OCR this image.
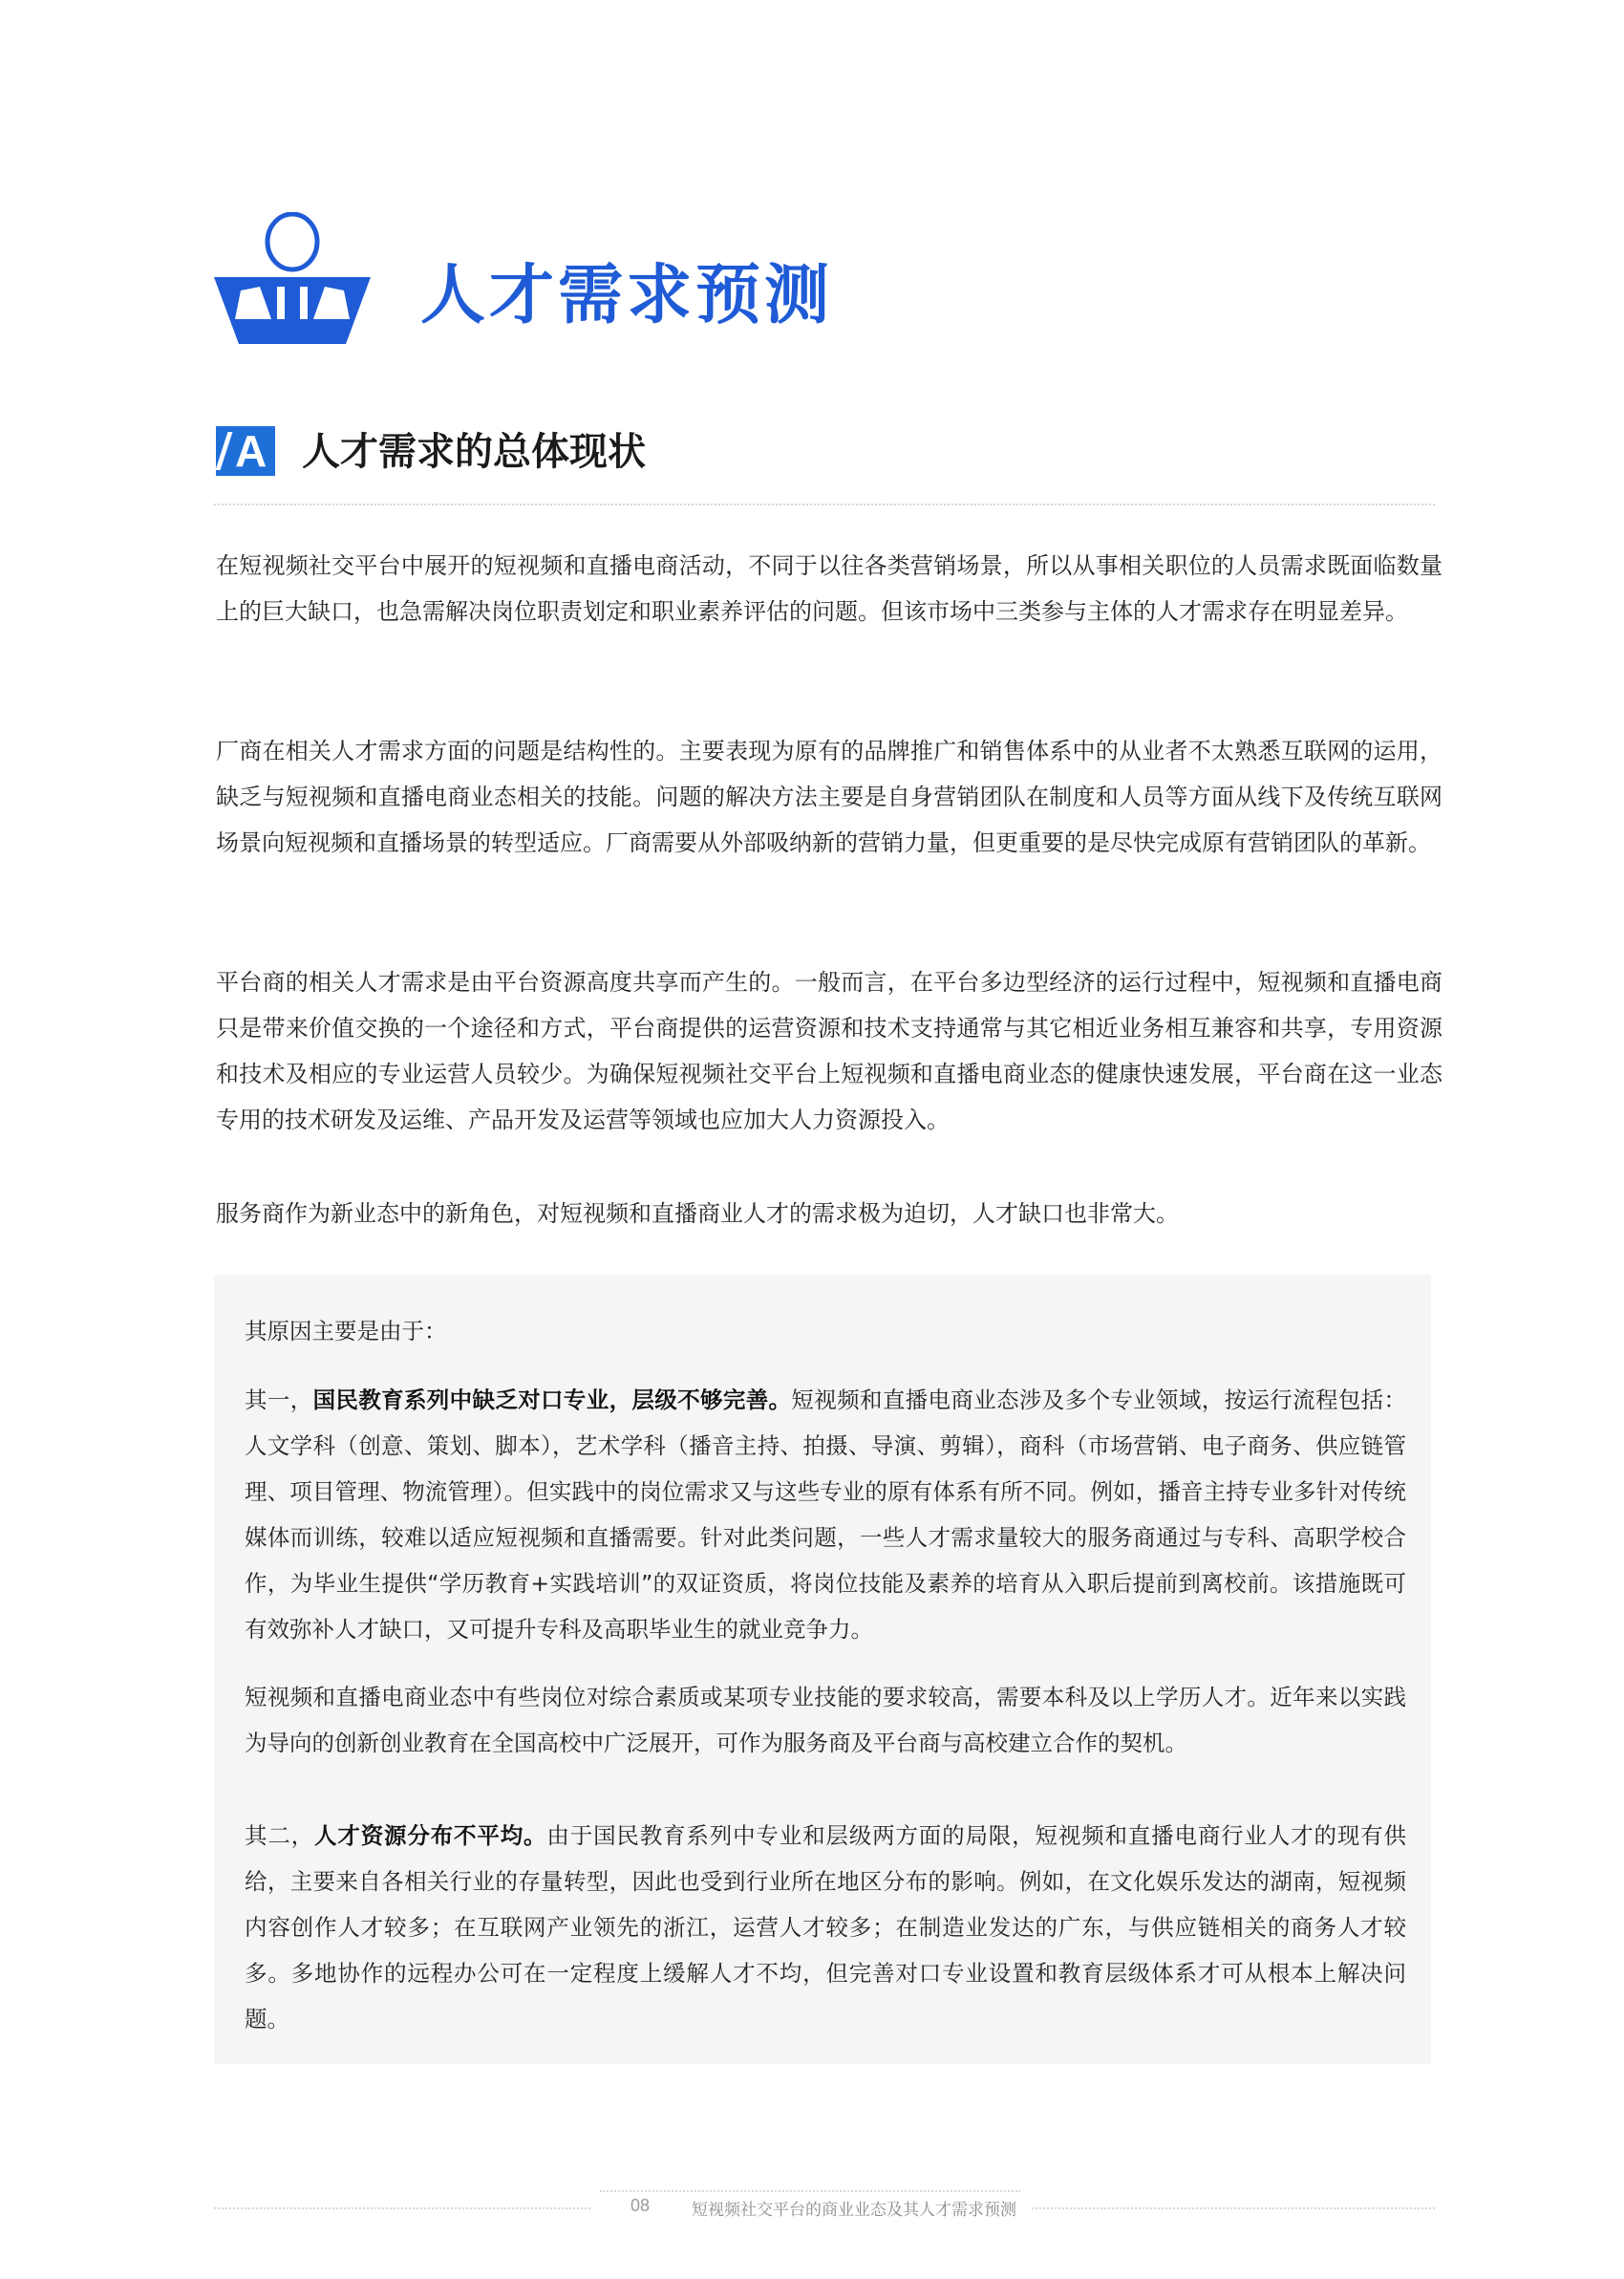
人才需求预测
A 人才需求的总体现状

在短视频社交平台中展开的短视频和直播电商活动，不同于以往各类营销场景，所以从事相关职位的人员需求既面临数量上的巨大缺口，也急需解决岗位职责划定和职业素养评估的问题。但该市场中三类参与主体的人才需求存在明显差异。

厂商在相关人才需求方面的问题是结构性的。主要表现为原有的品牌推广和销售体系中的从业者不太熟悉互联网的运用，缺乏与短视频和直播电商业态相关的技能。问题的解决方法主要是自身营销团队在制度和人员等方面从线下及传统互联网场景向短视频和直播场景的转型适应。厂商需要从外部吸纳新的营销力量，但更重要的是尽快完成原有营销团队的革新。

平台商的相关人才需求是由平台资源高度共享而产生的。一般而言，在平台多边型经济的运行过程中，短视频和直播电商只是带来价值交换的一个途径和方式，平台商提供的运营资源和技术支持通常与其它相近业务相互兼容和共享，专用资源和技术及相应的专业运营人员较少。为确保短视频社交平台上短视频和直播电商业态的健康快速发展，平台商在这一业态专用的技术研发及运维、产品开发及运营等领域也应加大人力资源投入。

服务商作为新业态中的新角色，对短视频和直播商业人才的需求极为迫切，人才缺口也非常大。

其原因主要是由于：

其一，国民教育系列中缺乏对口专业，层级不够完善。短视频和直播电商业态涉及多个专业领域，按运行流程包括：人文学科（创意、策划、脚本），艺术学科（播音主持、拍摄、导演、剪辑），商科（市场营销、电子商务、供应链管理、项目管理、物流管理）。但实践中的岗位需求又与这些专业的原有体系有所不同。例如，播音主持专业多针对传统媒体而训练，较难以适应短视频和直播需要。针对此类问题，一些人才需求量较大的服务商通过与专科、高职学校合作，为毕业生提供“学历教育+实践培训”的双证资质，将岗位技能及素养的培育从入职后提前到离校前。该措施既可有效弥补人才缺口，又可提升专科及高职毕业生的就业竞争力。

短视频和直播电商业态中有些岗位对综合素质或某项专业技能的要求较高，需要本科及以上学历人才。近年来以实践为导向的创新创业教育在全国高校中广泛展开，可作为服务商及平台商与高校建立合作的契机。

其二，人才资源分布不平均。由于国民教育系列中专业和层级两方面的局限，短视频和直播电商行业人才的现有供给，主要来自各相关行业的存量转型，因此也受到行业所在地区分布的影响。例如，在文化娱乐发达的湖南，短视频内容创作人才较多；在互联网产业领先的浙江，运营人才较多；在制造业发达的广东，与供应链相关的商务人才较多。多地协作的远程办公可在一定程度上缓解人才不均，但完善对口专业设置和教育层级体系才可从根本上解决问题。

08	短视频社交平台的商业业态及其人才需求预测
